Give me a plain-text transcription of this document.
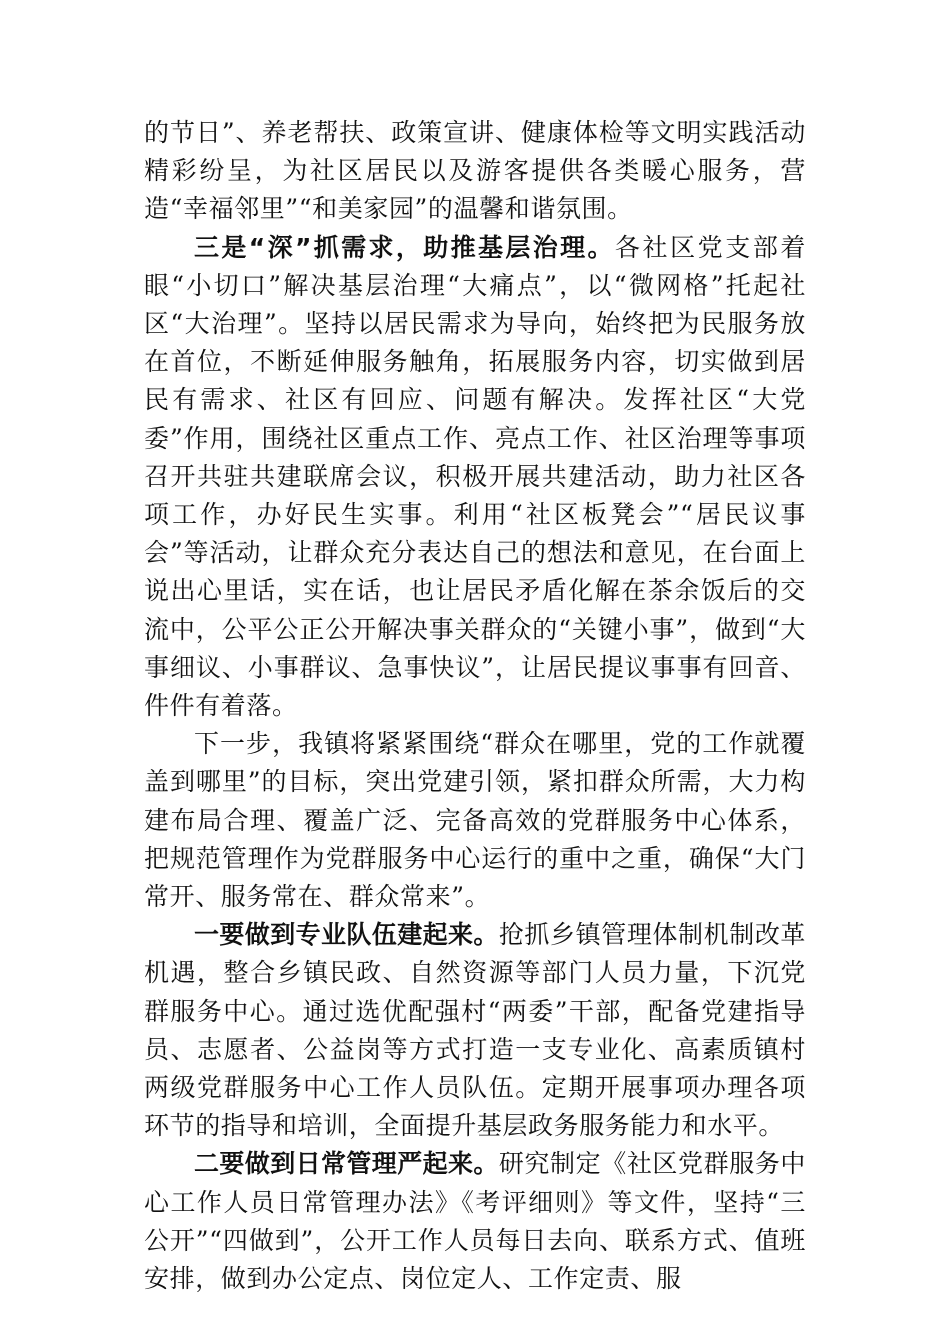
的节日”、养老帮扶、政策宣讲、健康体检等文明实践活动精彩纷呈，为社区居民以及游客提供各类暖心服务，营造“幸福邻里”“和美家园”的温馨和谐氛围。

三是“深”抓需求，助推基层治理。各社区党支部着眼“小切口”解决基层治理“大痛点”，以“微网格”托起社区“大治理”。坚持以居民需求为导向，始终把为民服务放在首位，不断延伸服务触角，拓展服务内容，切实做到居民有需求、社区有回应、问题有解决。发挥社区“大党委”作用，围绕社区重点工作、亮点工作、社区治理等事项召开共驻共建联席会议，积极开展共建活动，助力社区各项工作，办好民生实事。利用“社区板凳会”“居民议事会”等活动，让群众充分表达自己的想法和意见，在台面上说出心里话，实在话，也让居民矛盾化解在茶余饭后的交流中，公平公正公开解决事关群众的“关键小事”，做到“大事细议、小事群议、急事快议”，让居民提议事事有回音、件件有着落。

下一步，我镇将紧紧围绕“群众在哪里，党的工作就覆盖到哪里”的目标，突出党建引领，紧扣群众所需，大力构建布局合理、覆盖广泛、完备高效的党群服务中心体系，把规范管理作为党群服务中心运行的重中之重，确保“大门常开、服务常在、群众常来”。

一要做到专业队伍建起来。抢抓乡镇管理体制机制改革机遇，整合乡镇民政、自然资源等部门人员力量，下沉党群服务中心。通过选优配强村“两委”干部，配备党建指导员、志愿者、公益岗等方式打造一支专业化、高素质镇村两级党群服务中心工作人员队伍。定期开展事项办理各项环节的指导和培训，全面提升基层政务服务能力和水平。

二要做到日常管理严起来。研究制定《社区党群服务中心工作人员日常管理办法》《考评细则》等文件，坚持“三公开”“四做到”，公开工作人员每日去向、联系方式、值班安排，做到办公定点、岗位定人、工作定责、服
